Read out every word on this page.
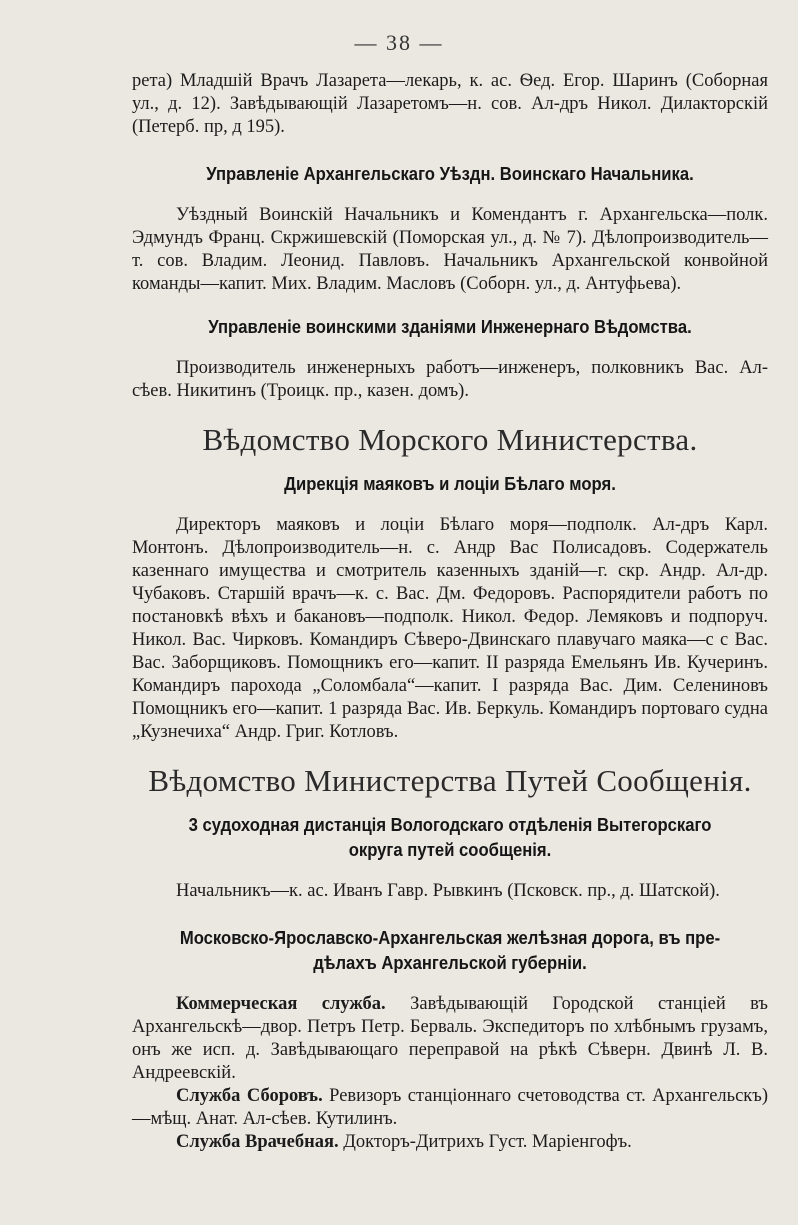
— 38 —

рета) Младшій Врачъ Лазарета—лекарь, к. ас. Ѳед. Егор. Шаринъ (Соборная ул., д. 12). Завѣдывающій Лазаретомъ—н. сов. Ал-дръ Никол. Дилакторскій (Петерб. пр, д 195).

Управленіе Архангельскаго Уѣздн. Воинскаго Начальника.

Уѣздный Воинскій Начальникъ и Комендантъ г. Архангельска—полк. Эдмундъ Франц. Скржишевскій (Поморская ул., д. № 7). Дѣлопроизводитель—т. сов. Владим. Леонид. Павловъ. Начальникъ Архангельской конвойной команды—капит. Мих. Владим. Масловъ (Соборн. ул., д. Антуфьева).

Управленіе воинскими зданіями Инженернаго Вѣдомства.

Производитель инженерныхъ работъ—инженеръ, полковникъ Вас. Ал-сѣев. Никитинъ (Троицк. пр., казен. домъ).

Вѣдомство Морского Министерства.
Дирекція маяковъ и лоціи Бѣлаго моря.

Директоръ маяковъ и лоціи Бѣлаго моря—подполк. Ал-дръ Карл. Монтонъ. Дѣлопроизводитель—н. с. Андр Вас Полисадовъ. Содержатель казеннаго имущества и смотритель казенныхъ зданій—г. скр. Андр. Ал-др. Чубаковъ. Старшій врачъ—к. с. Вас. Дм. Федоровъ. Распорядители работъ по постановкѣ вѣхъ и бакановъ—подполк. Никол. Федор. Лемяковъ и подпоруч. Никол. Вас. Чирковъ. Командиръ Сѣверо-Двинскаго плавучаго маяка—с с Вас. Вас. Заборщиковъ. Помощникъ его—капит. II разряда Емельянъ Ив. Кучеринъ. Командиръ парохода „Соломбала“—капит. I разряда Вас. Дим. Селениновъ Помощникъ его—капит. 1 разряда Вас. Ив. Беркуль. Командиръ портоваго судна „Кузнечиха“ Андр. Григ. Котловъ.

Вѣдомство Министерства Путей Сообщенія.
3 судоходная дистанція Вологодскаго отдѣленія Вытегорскаго
округа путей сообщенія.

Начальникъ—к. ас. Иванъ Гавр. Рывкинъ (Псковск. пр., д. Шатской).

Московско-Ярославско-Архангельская желѣзная дорога, въ пре-
дѣлахъ Архангельской губерніи.

Коммерческая служба. Завѣдывающій Городской станціей въ Архангельскѣ—двор. Петръ Петр. Берваль. Экспедиторъ по хлѣбнымъ грузамъ, онъ же исп. д. Завѣдывающаго переправой на рѣкѣ Сѣверн. Двинѣ Л. В. Андреевскій.

Служба Сборовъ. Ревизоръ станціоннаго счетоводства ст. Архангельскъ)—мѣщ. Анат. Ал-сѣев. Кутилинъ.

Служба Врачебная. Докторъ-Дитрихъ Густ. Маріенгофъ.
